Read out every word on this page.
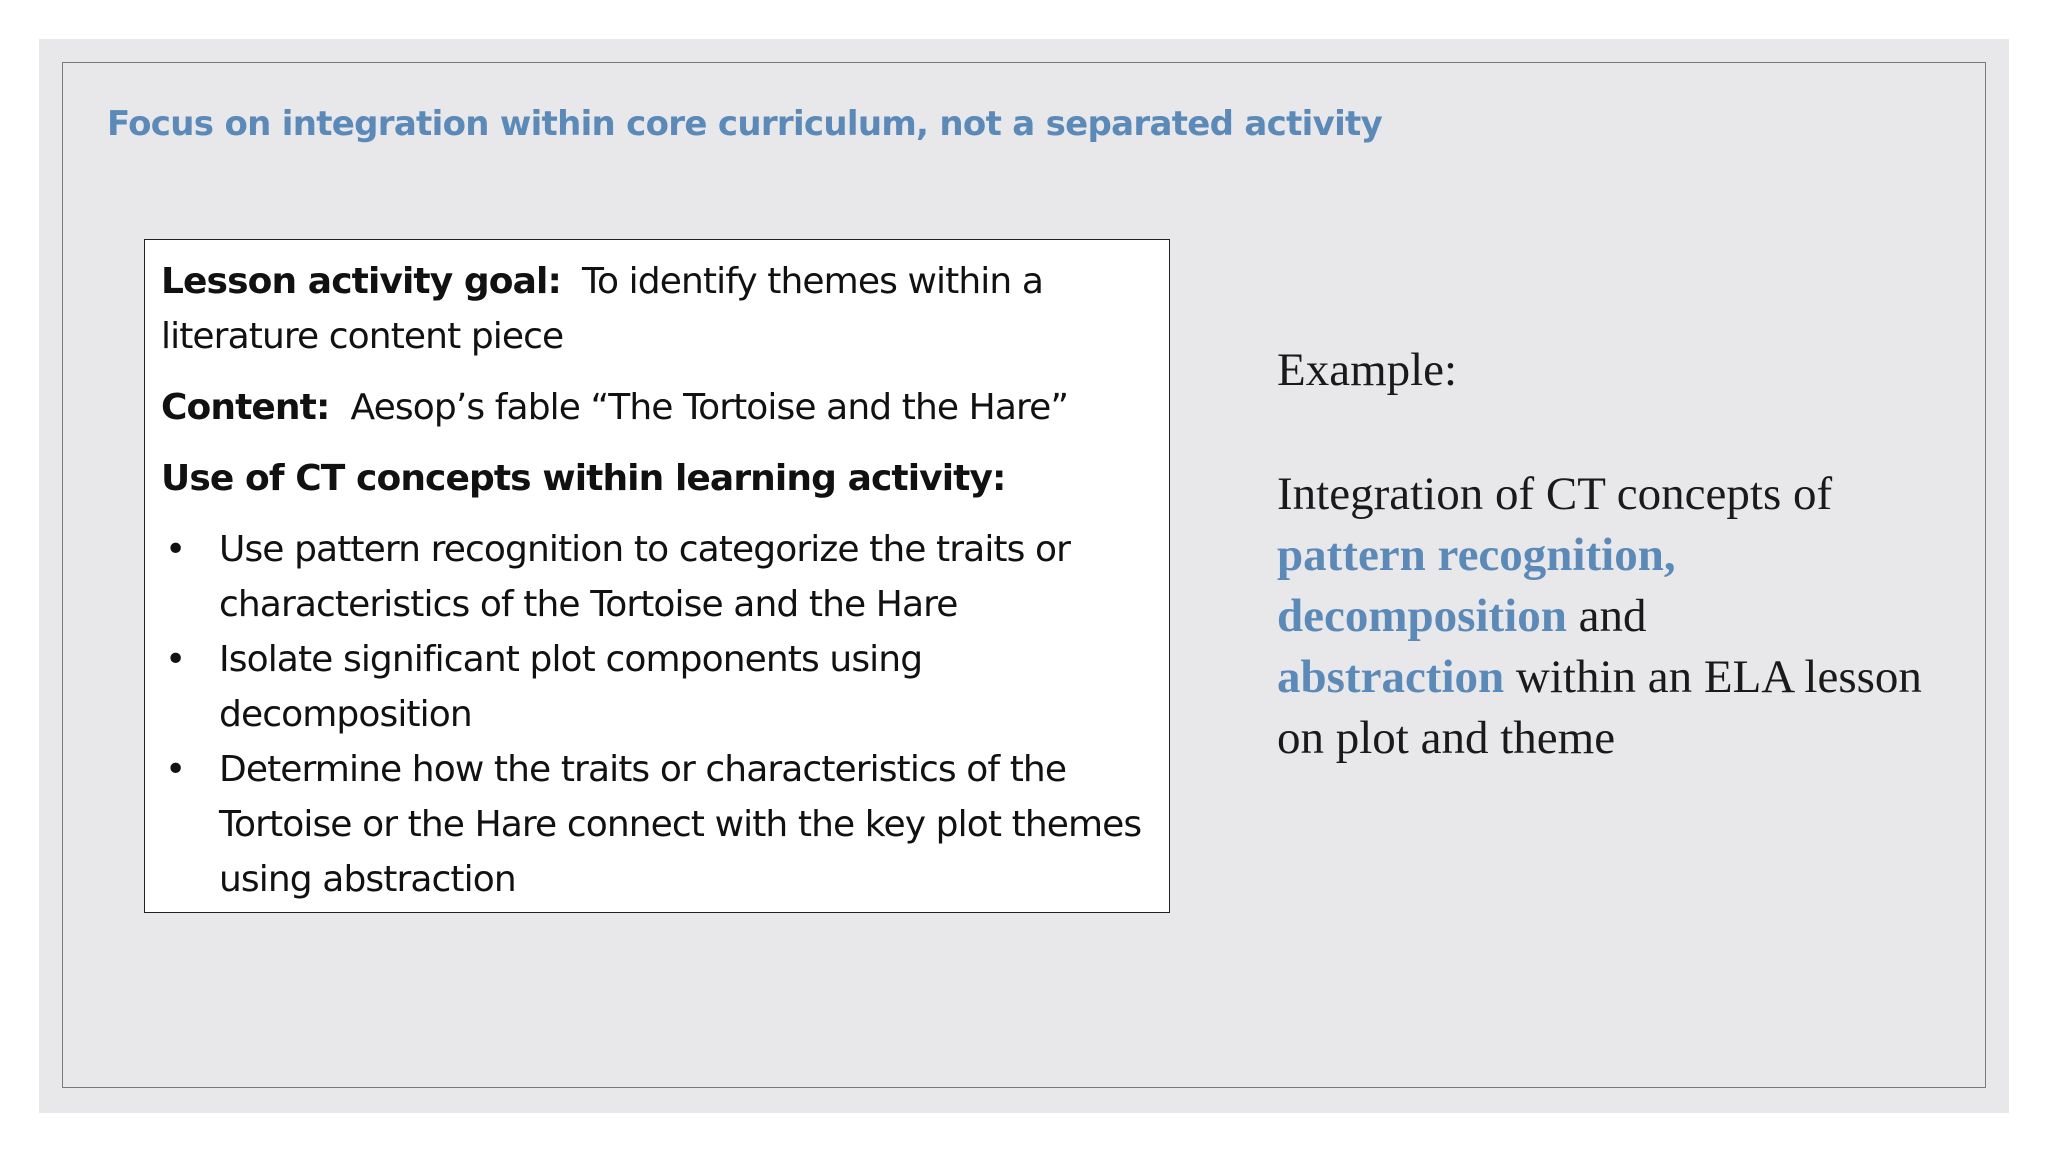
Focus on integration within core curriculum, not a separated activity

Lesson activity goal: To identify themes within a literature content piece

Content: Aesop’s fable “The Tortoise and the Hare”

Use of CT concepts within learning activity:

• Use pattern recognition to categorize the traits or characteristics of the Tortoise and the Hare
• Isolate significant plot components using decomposition
• Determine how the traits or characteristics of the Tortoise or the Hare connect with the key plot themes using abstraction

Example:

Integration of CT concepts of pattern recognition,
decomposition and
abstraction within an ELA lesson on plot and theme
